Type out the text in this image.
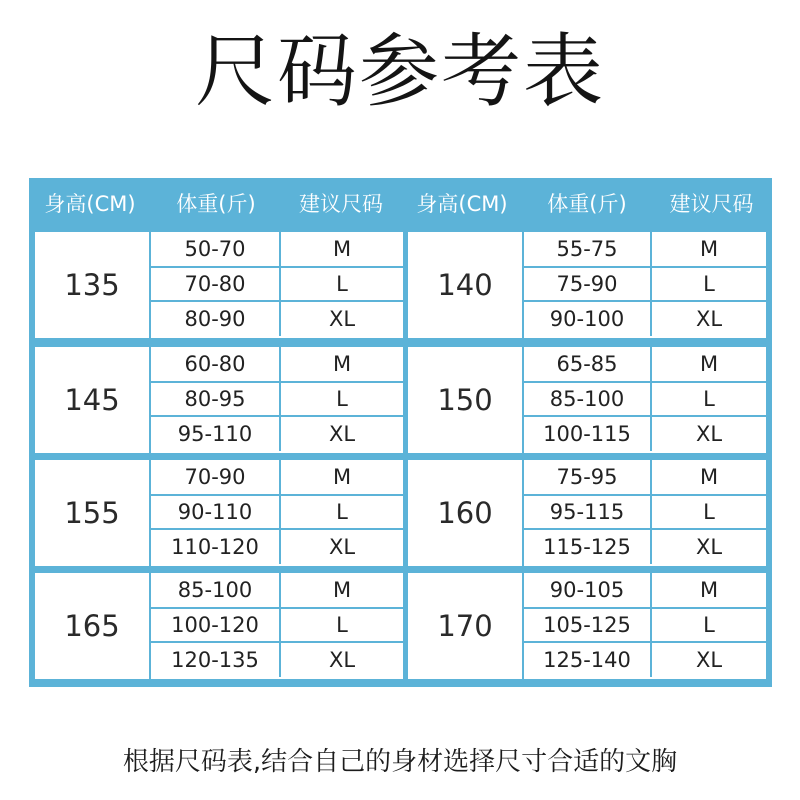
尺码参考表
身高(CM)	体重(斤)	建议尺码	身高(CM)	体重(斤)	建议尺码
135
50-70	M
70-80	L
80-90	XL
140
55-75	M
75-90	L
90-100	XL
145
60-80	M
80-95	L
95-110	XL
150
65-85	M
85-100	L
100-115	XL
155
70-90	M
90-110	L
110-120	XL
160
75-95	M
95-115	L
115-125	XL
165
85-100	M
100-120	L
120-135	XL
170
90-105	M
105-125	L
125-140	XL
根据尺码表,结合自己的身材选择尺寸合适的文胸
